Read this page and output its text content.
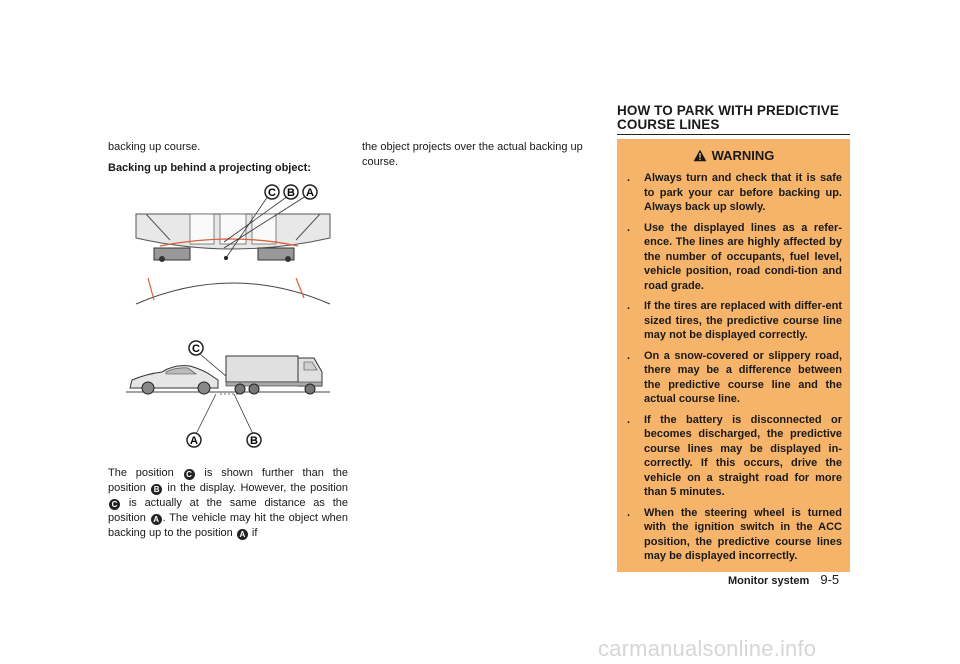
backing up course.

Backing up behind a projecting object:

C B A
C
A	B

The position C is shown further than the position B in the display. However, the position C is actually at the same distance as the position A . The vehicle may hit the object when backing up to the position A if

the object projects over the actual backing up course.

HOW TO PARK WITH PREDICTIVE
COURSE LINES
WARNING
. Always turn and check that it is safe to park your car before backing up. Always back up slowly.
. Use the displayed lines as a refer-ence. The lines are highly affected by the number of occupants, fuel level, vehicle position, road condi-tion and road grade.
. If the tires are replaced with differ-ent sized tires, the predictive course line may not be displayed correctly.
. On a snow-covered or slippery road, there may be a difference between the predictive course line and the actual course line.
. If the battery is disconnected or becomes discharged, the predictive course lines may be displayed in-correctly. If this occurs, drive the vehicle on a straight road for more than 5 minutes.
. When the steering wheel is turned with the ignition switch in the ACC position, the predictive course lines may be displayed incorrectly.
Monitor system 9-5
carmanualsonline.info
